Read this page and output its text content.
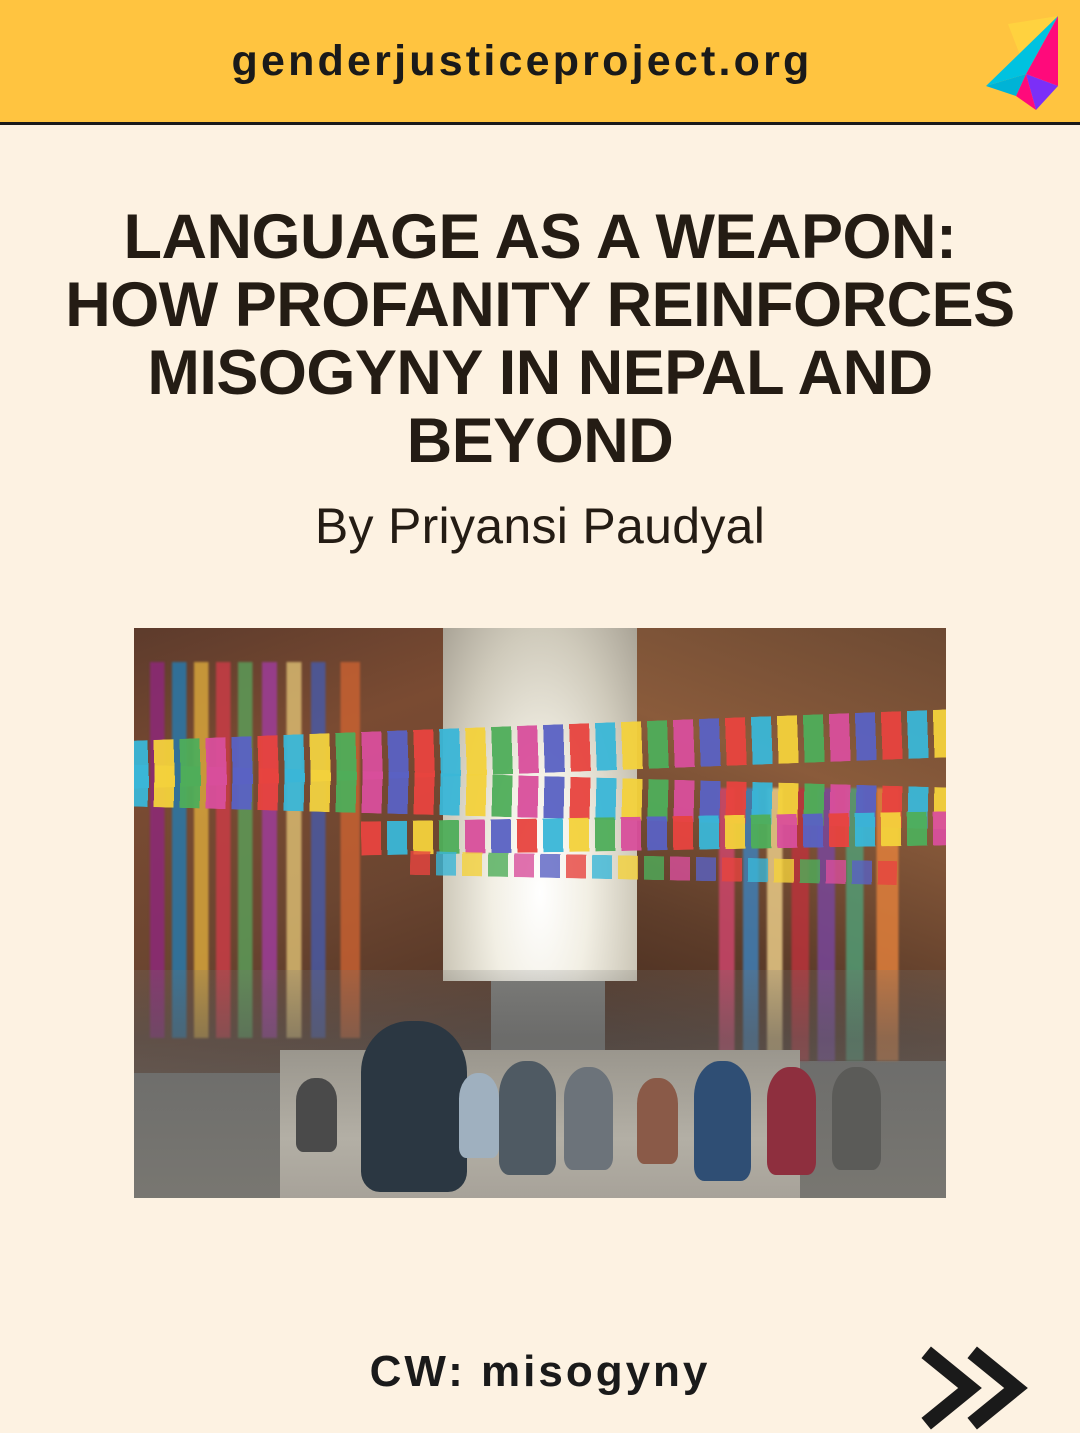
genderjusticeproject.org
LANGUAGE AS A WEAPON: HOW PROFANITY REINFORCES MISOGYNY IN NEPAL AND BEYOND

By Priyansi Paudyal

CW: misogyny
